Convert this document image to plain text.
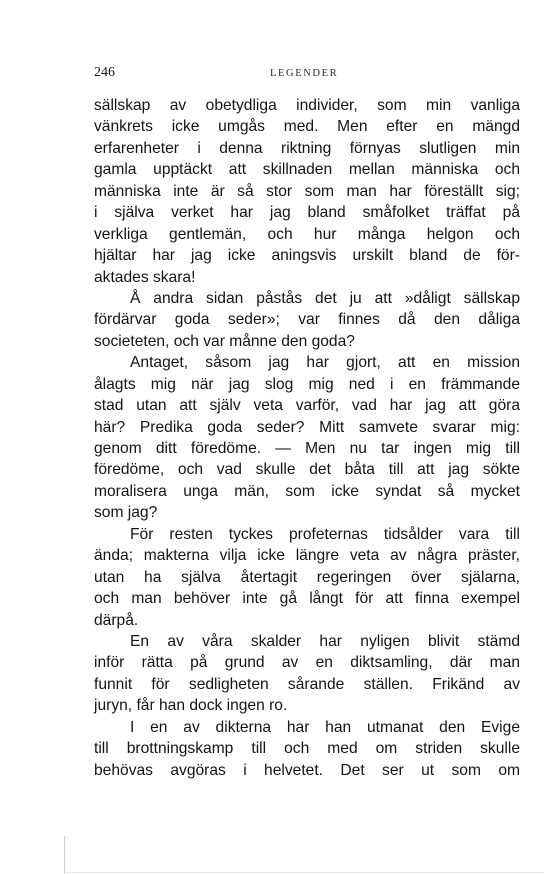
246	LEGENDER
sällskap av obetydliga individer, som min vanliga
vänkrets icke umgås med. Men efter en mängd
erfarenheter i denna riktning förnyas slutligen min
gamla upptäckt att skillnaden mellan människa och
människa inte är så stor som man har föreställt sig;
i själva verket har jag bland småfolket träffat på
verkliga gentlemän, och hur många helgon och
hjältar har jag icke aningsvis urskilt bland de för-
aktades skara!
Å andra sidan påstås det ju att »dåligt sällskap
fördärvar goda seder»; var finnes då den dåliga
societeten, och var månne den goda?
Antaget, såsom jag har gjort, att en mission
ålagts mig när jag slog mig ned i en främmande
stad utan att själv veta varför, vad har jag att göra
här? Predika goda seder? Mitt samvete svarar mig:
genom ditt föredöme. — Men nu tar ingen mig till
föredöme, och vad skulle det båta till att jag sökte
moralisera unga män, som icke syndat så mycket
som jag?
För resten tyckes profeternas tidsålder vara till
ända; makterna vilja icke längre veta av några präster,
utan ha själva återtagit regeringen över själarna,
och man behöver inte gå långt för att finna exempel
därpå.
En av våra skalder har nyligen blivit stämd
inför rätta på grund av en diktsamling, där man
funnit för sedligheten sårande ställen. Frikänd av
juryn, får han dock ingen ro.
I en av dikterna har han utmanat den Evige
till brottningskamp till och med om striden skulle
behövas avgöras i helvetet. Det ser ut som om
